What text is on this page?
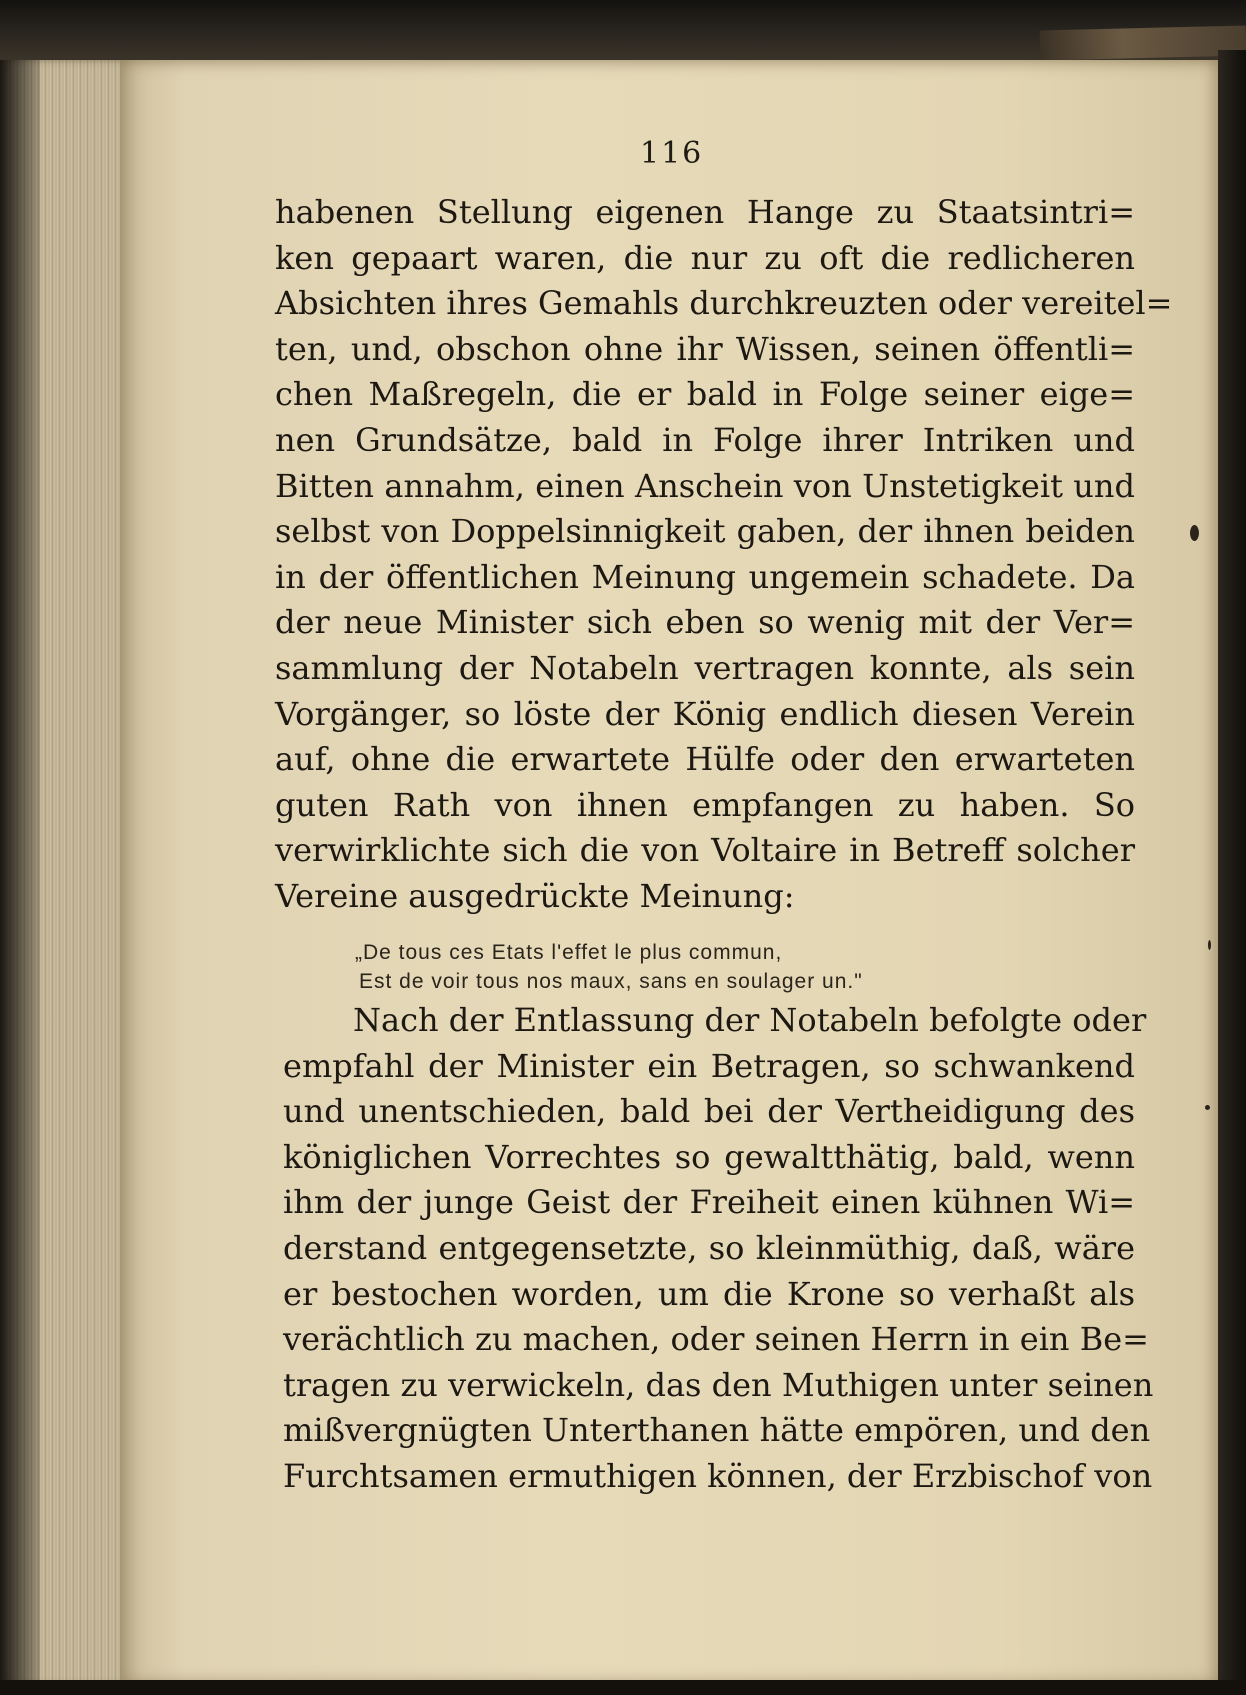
116
habenen Stellung eigenen Hange zu Staatsintri=
ken gepaart waren, die nur zu oft die redlicheren
Absichten ihres Gemahls durchkreuzten oder vereitel=
ten, und, obschon ohne ihr Wissen, seinen öffentli=
chen Maßregeln, die er bald in Folge seiner eige=
nen Grundsätze, bald in Folge ihrer Intriken und
Bitten annahm, einen Anschein von Unstetigkeit und
selbst von Doppelsinnigkeit gaben, der ihnen beiden
in der öffentlichen Meinung ungemein schadete. Da
der neue Minister sich eben so wenig mit der Ver=
sammlung der Notabeln vertragen konnte, als sein
Vorgänger, so löste der König endlich diesen Verein
auf, ohne die erwartete Hülfe oder den erwarteten
guten Rath von ihnen empfangen zu haben. So
verwirklichte sich die von Voltaire in Betreff solcher
Vereine ausgedrückte Meinung:
„De tous ces Etats l'effet le plus commun,
Est de voir tous nos maux, sans en soulager un."
Nach der Entlassung der Notabeln befolgte oder
empfahl der Minister ein Betragen, so schwankend
und unentschieden, bald bei der Vertheidigung des
königlichen Vorrechtes so gewaltthätig, bald, wenn
ihm der junge Geist der Freiheit einen kühnen Wi=
derstand entgegensetzte, so kleinmüthig, daß, wäre
er bestochen worden, um die Krone so verhaßt als
verächtlich zu machen, oder seinen Herrn in ein Be=
tragen zu verwickeln, das den Muthigen unter seinen
mißvergnügten Unterthanen hätte empören, und den
Furchtsamen ermuthigen können, der Erzbischof von
